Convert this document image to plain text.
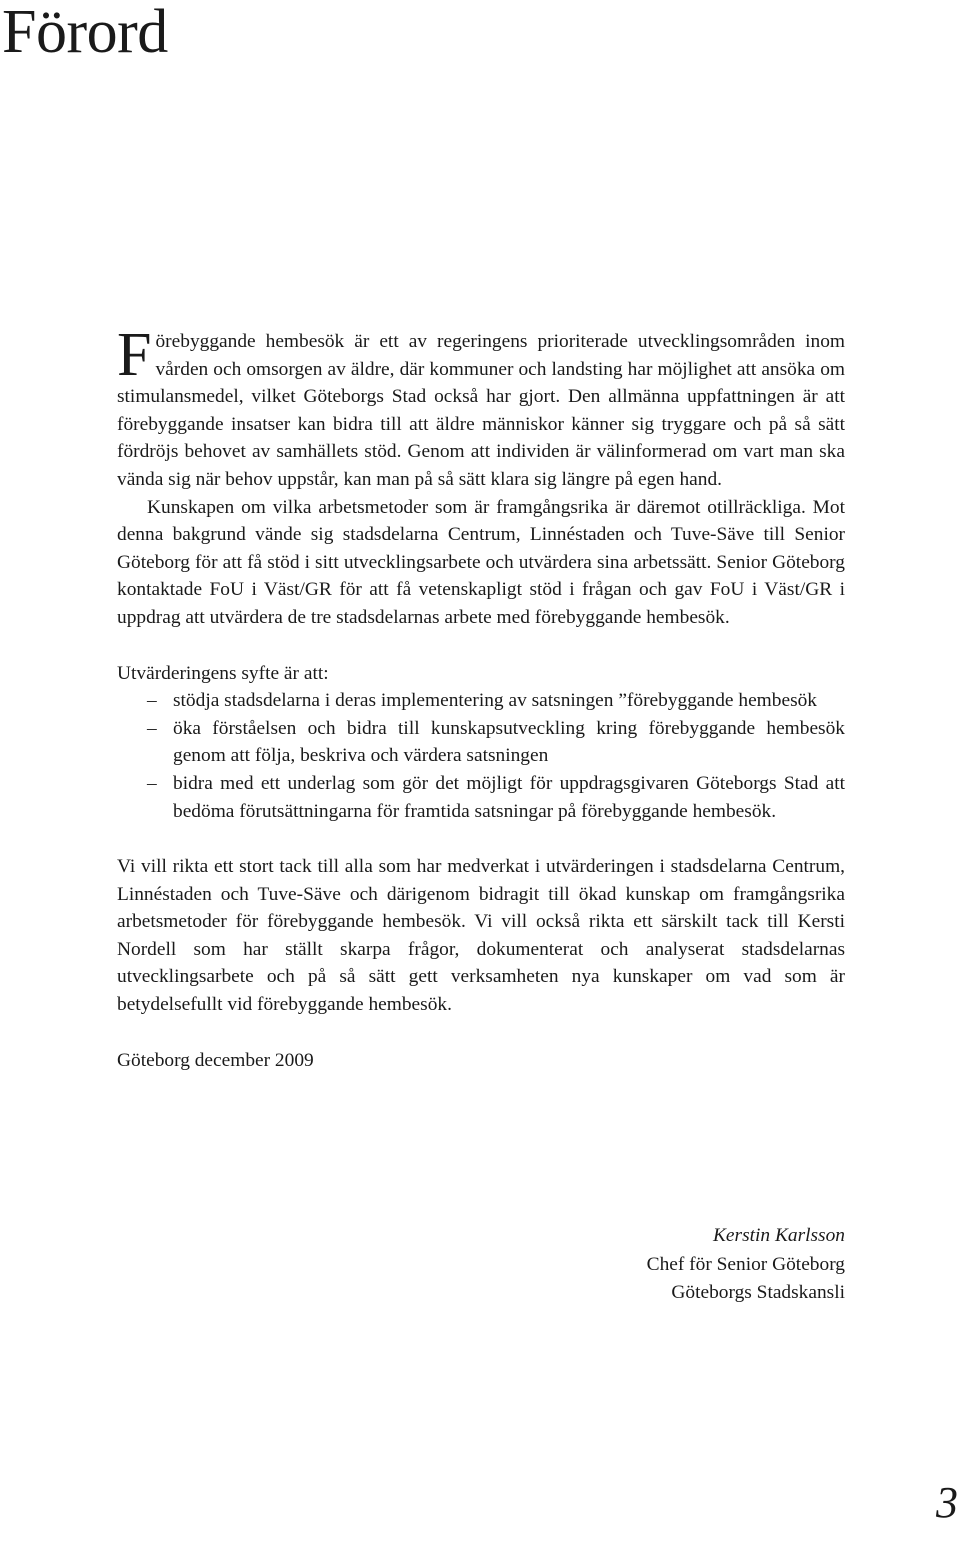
Förord

Förebyggande hembesök är ett av regeringens prioriterade utvecklingsområden inom vården och omsorgen av äldre, där kommuner och landsting har möjlighet att ansöka om stimulansmedel, vilket Göteborgs Stad också har gjort. Den allmänna uppfattningen är att förebyggande insatser kan bidra till att äldre människor känner sig tryggare och på så sätt fördröjs behovet av samhällets stöd. Genom att individen är välinformerad om vart man ska vända sig när behov uppstår, kan man på så sätt klara sig längre på egen hand.

Kunskapen om vilka arbetsmetoder som är framgångsrika är däremot otillräckliga. Mot denna bakgrund vände sig stadsdelarna Centrum, Linnéstaden och Tuve-Säve till Senior Göteborg för att få stöd i sitt utvecklingsarbete och utvärdera sina arbetssätt. Senior Göteborg kontaktade FoU i Väst/GR för att få vetenskapligt stöd i frågan och gav FoU i Väst/GR i uppdrag att utvärdera de tre stadsdelarnas arbete med förebyggande hembesök.

Utvärderingens syfte är att:

– stödja stadsdelarna i deras implementering av satsningen ”förebyggande hembesök
– öka förståelsen och bidra till kunskapsutveckling kring förebyggande hembesök genom att följa, beskriva och värdera satsningen
– bidra med ett underlag som gör det möjligt för uppdragsgivaren Göteborgs Stad att bedöma förutsättningarna för framtida satsningar på förebyggande hembesök.

Vi vill rikta ett stort tack till alla som har medverkat i utvärderingen i stadsdelarna Centrum, Linnéstaden och Tuve-Säve och därigenom bidragit till ökad kunskap om framgångsrika arbetsmetoder för förebyggande hembesök. Vi vill också rikta ett särskilt tack till Kersti Nordell som har ställt skarpa frågor, dokumenterat och analyserat stadsdelarnas utvecklingsarbete och på så sätt gett verksamheten nya kunskaper om vad som är betydelsefullt vid förebyggande hembesök.

Göteborg december 2009

Kerstin Karlsson
Chef för Senior Göteborg
Göteborgs Stadskansli
3
